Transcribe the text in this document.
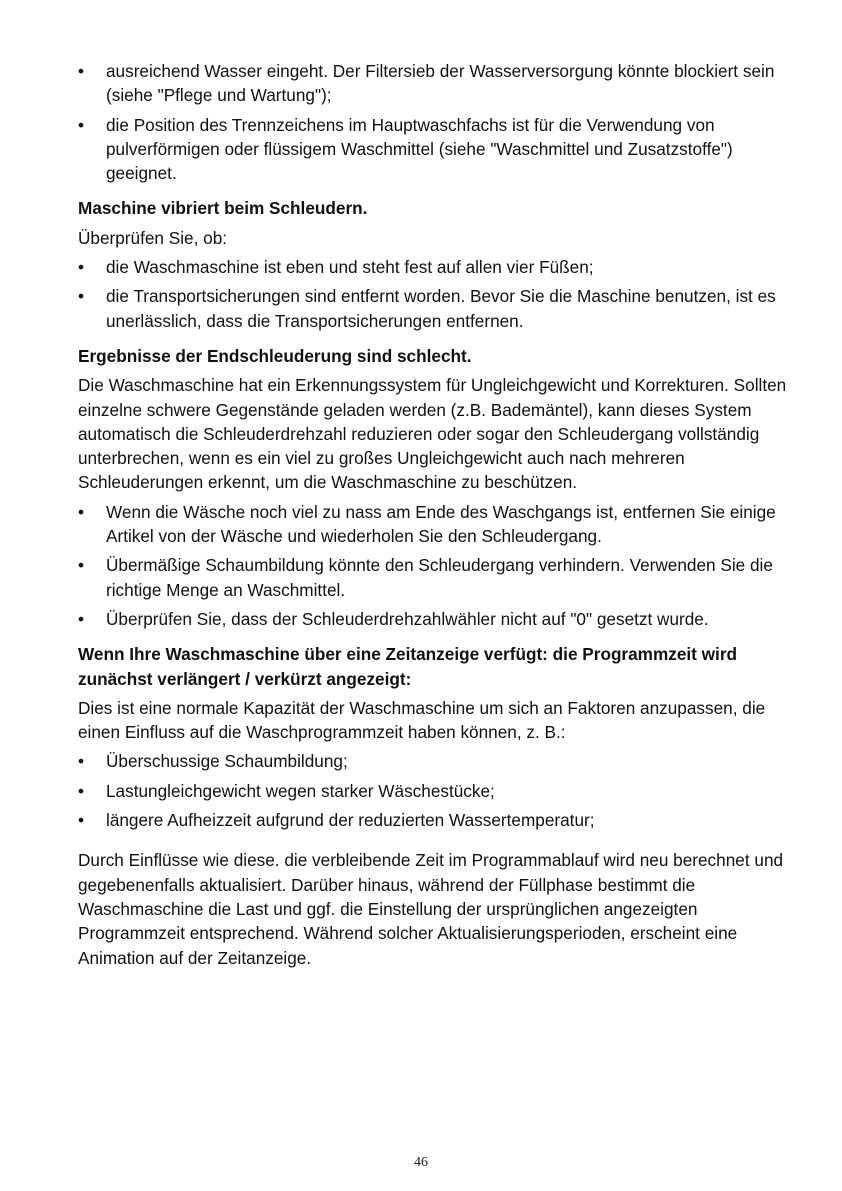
• ausreichend Wasser eingeht. Der Filtersieb der Wasserversorgung könnte blockiert sein (siehe "Pflege und Wartung");
• die Position des Trennzeichens im Hauptwaschfachs ist für die Verwendung von pulverförmigen oder flüssigem Waschmittel (siehe "Waschmittel und Zusatzstoffe") geeignet.
Maschine vibriert beim Schleudern.

Überprüfen Sie, ob:

• die Waschmaschine ist eben und steht fest auf allen vier Füßen;
• die Transportsicherungen sind entfernt worden. Bevor Sie die Maschine benutzen, ist es unerlässlich, dass die Transportsicherungen entfernen.
Ergebnisse der Endschleuderung sind schlecht.

Die Waschmaschine hat ein Erkennungssystem für Ungleichgewicht und Korrekturen. Sollten einzelne schwere Gegenstände geladen werden (z.B. Bademäntel), kann dieses System automatisch die Schleuderdrehzahl reduzieren oder sogar den Schleudergang vollständig unterbrechen, wenn es ein viel zu großes Ungleichgewicht auch nach mehreren Schleuderungen erkennt, um die Waschmaschine zu beschützen.

• Wenn die Wäsche noch viel zu nass am Ende des Waschgangs ist, entfernen Sie einige Artikel von der Wäsche und wiederholen Sie den Schleudergang.
• Übermäßige Schaumbildung könnte den Schleudergang verhindern. Verwenden Sie die richtige Menge an Waschmittel.
• Überprüfen Sie, dass der Schleuderdrehzahlwähler nicht auf "0" gesetzt wurde.
Wenn Ihre Waschmaschine über eine Zeitanzeige verfügt: die Programmzeit wird zunächst verlängert / verkürzt angezeigt:

Dies ist eine normale Kapazität der Waschmaschine um sich an Faktoren anzupassen, die einen Einfluss auf die Waschprogrammzeit haben können, z. B.:

• Überschussige Schaumbildung;
• Lastungleichgewicht wegen starker Wäschestücke;
• längere Aufheizzeit aufgrund der reduzierten Wassertemperatur;

Durch Einflüsse wie diese. die verbleibende Zeit im Programmablauf wird neu berechnet und gegebenenfalls aktualisiert. Darüber hinaus, während der Füllphase bestimmt die Waschmaschine die Last und ggf. die Einstellung der ursprünglichen angezeigten Programmzeit entsprechend. Während solcher Aktualisierungsperioden, erscheint eine Animation auf der Zeitanzeige.

46
